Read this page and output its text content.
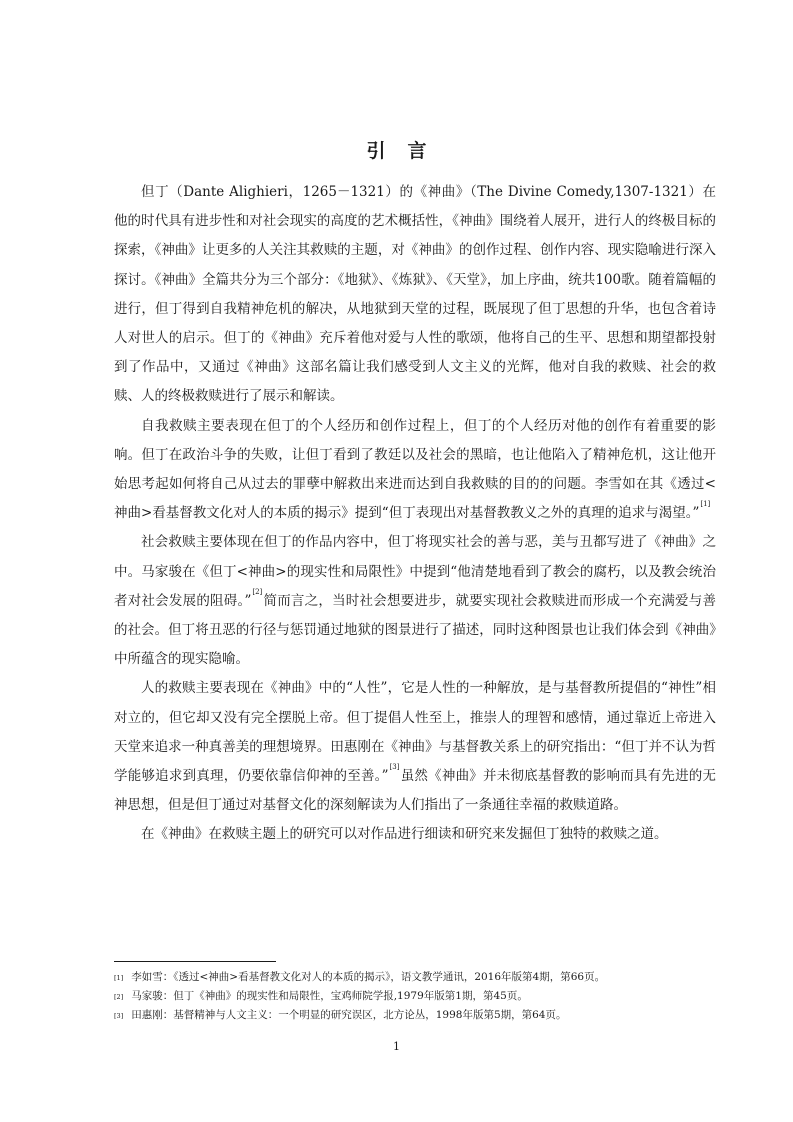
引言

但丁（Dante Alighieri，1265－1321）的《神曲》（The Divine Comedy,1307-1321）在他的时代具有进步性和对社会现实的高度的艺术概括性，《神曲》围绕着人展开，进行人的终极目标的探索，《神曲》让更多的人关注其救赎的主题，对《神曲》的创作过程、创作内容、现实隐喻进行深入探讨。《神曲》全篇共分为三个部分：《地狱》、《炼狱》、《天堂》，加上序曲，统共100歌。随着篇幅的进行，但丁得到自我精神危机的解决，从地狱到天堂的过程，既展现了但丁思想的升华，也包含着诗人对世人的启示。但丁的《神曲》充斥着他对爱与人性的歌颂，他将自己的生平、思想和期望都投射到了作品中，又通过《神曲》这部名篇让我们感受到人文主义的光辉，他对自我的救赎、社会的救赎、人的终极救赎进行了展示和解读。

自我救赎主要表现在但丁的个人经历和创作过程上，但丁的个人经历对他的创作有着重要的影响。但丁在政治斗争的失败，让但丁看到了教廷以及社会的黑暗，也让他陷入了精神危机，这让他开始思考起如何将自己从过去的罪孽中解救出来进而达到自我救赎的目的的问题。李雪如在其《透过<神曲>看基督教文化对人的本质的揭示》提到“但丁表现出对基督教教义之外的真理的追求与渴望。”[1]

社会救赎主要体现在但丁的作品内容中，但丁将现实社会的善与恶，美与丑都写进了《神曲》之中。马家骏在《但丁<神曲>的现实性和局限性》中提到“他清楚地看到了教会的腐朽，以及教会统治者对社会发展的阻碍。”[2]简而言之，当时社会想要进步，就要实现社会救赎进而形成一个充满爱与善的社会。但丁将丑恶的行径与惩罚通过地狱的图景进行了描述，同时这种图景也让我们体会到《神曲》中所蕴含的现实隐喻。

人的救赎主要表现在《神曲》中的“人性”，它是人性的一种解放，是与基督教所提倡的“神性”相对立的，但它却又没有完全摆脱上帝。但丁提倡人性至上，推崇人的理智和感情，通过靠近上帝进入天堂来追求一种真善美的理想境界。田惠刚在《神曲》与基督教关系上的研究指出：“但丁并不认为哲学能够追求到真理，仍要依靠信仰神的至善。”[3]虽然《神曲》并未彻底基督教的影响而具有先进的无神思想，但是但丁通过对基督文化的深刻解读为人们指出了一条通往幸福的救赎道路。

在《神曲》在救赎主题上的研究可以对作品进行细读和研究来发掘但丁独特的救赎之道。

[1] 李如雪：《透过<神曲>看基督教文化对人的本质的揭示》，语文教学通讯，2016年版第4期，第66页。
[2] 马家骏：但丁《神曲》的现实性和局限性，宝鸡师院学报,1979年版第1期，第45页。
[3] 田惠刚：基督精神与人文主义：一个明显的研究误区，北方论丛，1998年版第5期，第64页。
1
